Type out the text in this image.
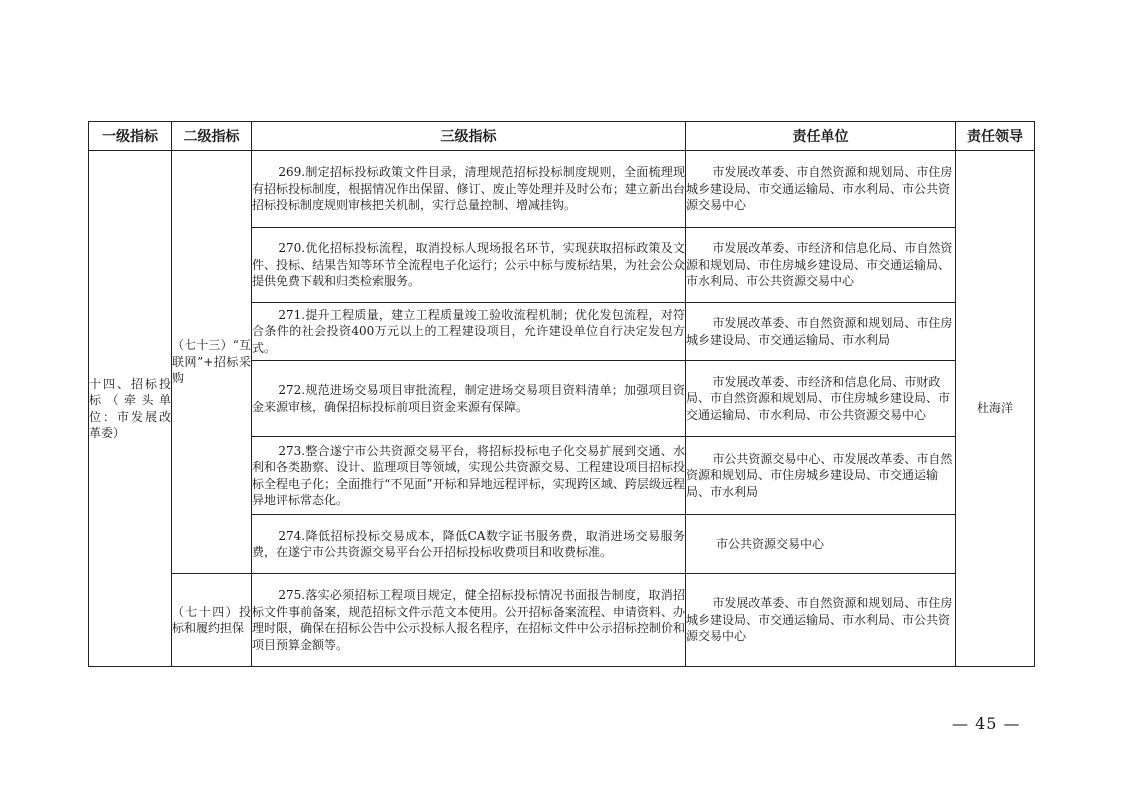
一级指标	二级指标	三级指标	责任单位	责任领导
十四、招标投标（牵头单位：市发展改革委）	（七十三）“互联网”+招标采购	269.制定招标投标政策文件目录，清理规范招标投标制度规则，全面梳理现有招标投标制度，根据情况作出保留、修订、废止等处理并及时公布；建立新出台招标投标制度规则审核把关机制，实行总量控制、增减挂钩。	市发展改革委、市自然资源和规划局、市住房城乡建设局、市交通运输局、市水利局、市公共资源交易中心	杜海洋

		270.优化招标投标流程，取消投标人现场报名环节，实现获取招标政策及文件、投标、结果告知等环节全流程电子化运行；公示中标与废标结果，为社会公众提供免费下载和归类检索服务。	市发展改革委、市经济和信息化局、市自然资源和规划局、市住房城乡建设局、市交通运输局、市水利局、市公共资源交易中心	

		271.提升工程质量，建立工程质量竣工验收流程机制；优化发包流程，对符合条件的社会投资400万元以上的工程建设项目，允许建设单位自行决定发包方式。	市发展改革委、市自然资源和规划局、市住房城乡建设局、市交通运输局、市水利局	

		272.规范进场交易项目审批流程，制定进场交易项目资料清单；加强项目资金来源审核，确保招标投标前项目资金来源有保障。	市发展改革委、市经济和信息化局、市财政局、市自然资源和规划局、市住房城乡建设局、市交通运输局、市水利局、市公共资源交易中心	

		273.整合遂宁市公共资源交易平台，将招标投标电子化交易扩展到交通、水利和各类勘察、设计、监理项目等领域，实现公共资源交易、工程建设项目招标投标全程电子化；全面推行“不见面”开标和异地远程评标，实现跨区域、跨层级远程异地评标常态化。	市公共资源交易中心、市发展改革委、市自然资源和规划局、市住房城乡建设局、市交通运输局、市水利局	

		274.降低招标投标交易成本，降低CA数字证书服务费，取消进场交易服务费，在遂宁市公共资源交易平台公开招标投标收费项目和收费标准。	市公共资源交易中心	

	（七十四）投标和履约担保	275.落实必须招标工程项目规定，健全招标投标情况书面报告制度，取消招标文件事前备案，规范招标文件示范文本使用。公开招标备案流程、申请资料、办理时限，确保在招标公告中公示投标人报名程序，在招标文件中公示招标控制价和项目预算金额等。	市发展改革委、市自然资源和规划局、市住房城乡建设局、市交通运输局、市水利局、市公共资源交易中心	

— 45 —
